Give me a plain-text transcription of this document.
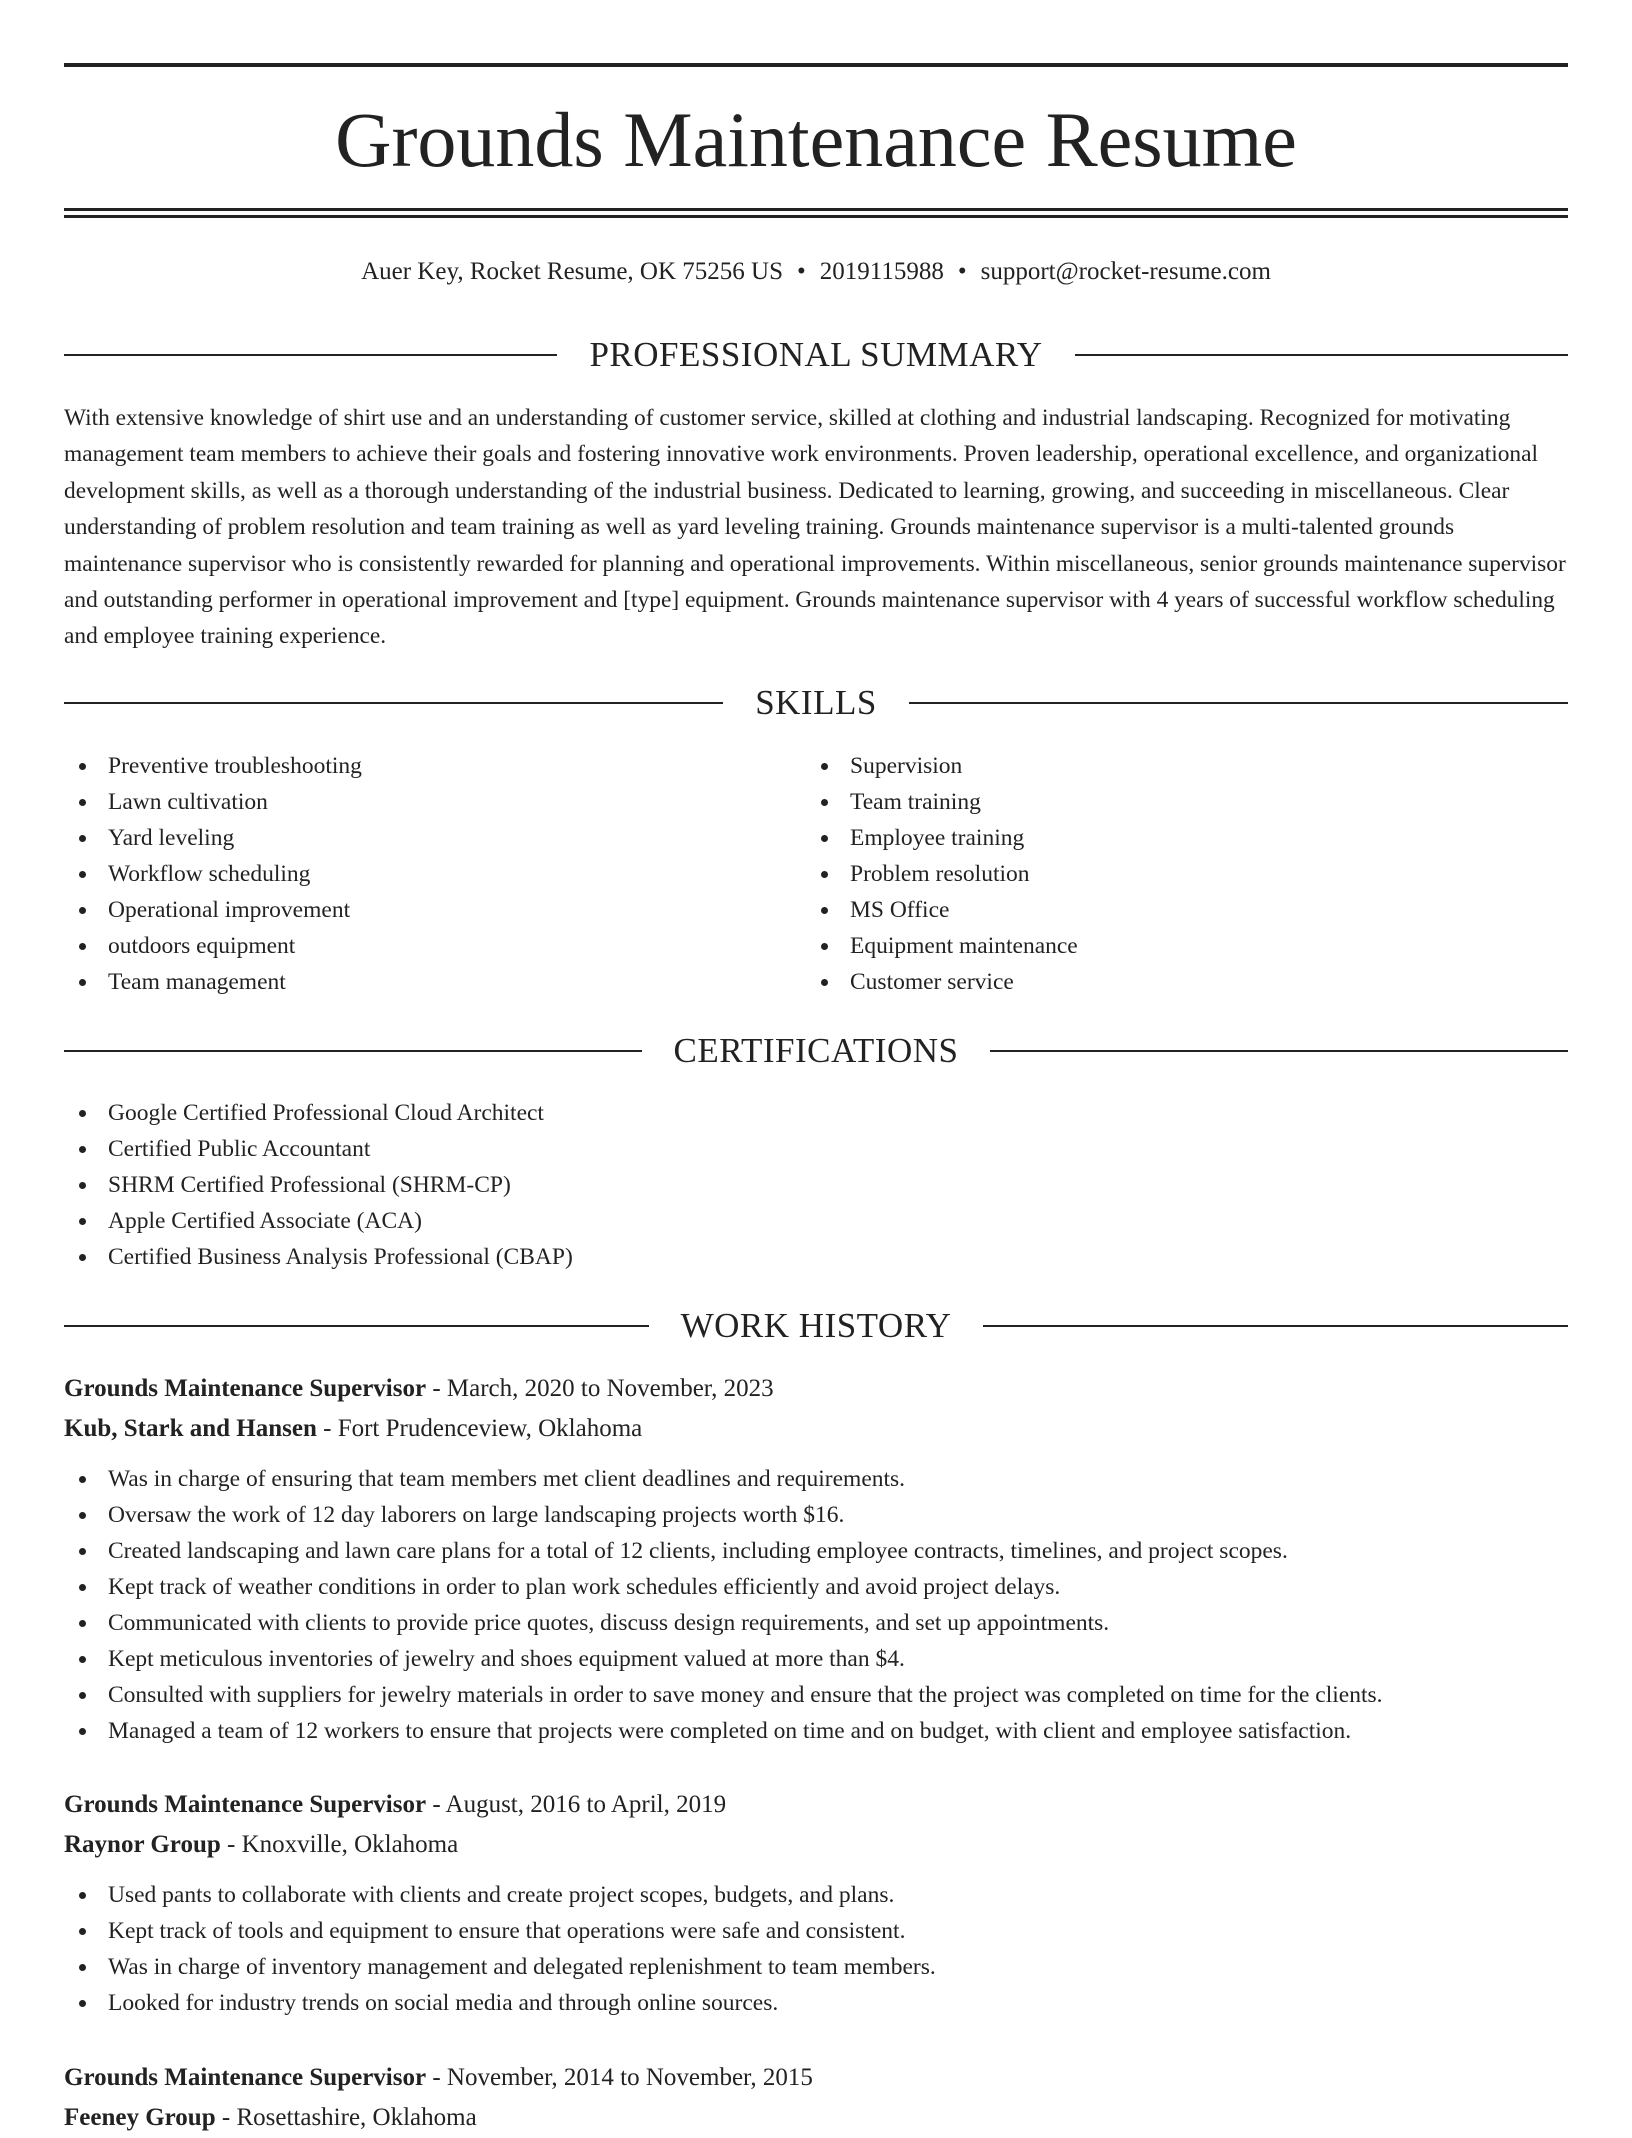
Grounds Maintenance Resume
Auer Key, Rocket Resume, OK 75256 US • 2019115988 • support@rocket-resume.com
PROFESSIONAL SUMMARY

With extensive knowledge of shirt use and an understanding of customer service, skilled at clothing and industrial landscaping. Recognized for motivating management team members to achieve their goals and fostering innovative work environments. Proven leadership, operational excellence, and organizational development skills, as well as a thorough understanding of the industrial business. Dedicated to learning, growing, and succeeding in miscellaneous. Clear understanding of problem resolution and team training as well as yard leveling training. Grounds maintenance supervisor is a multi-talented grounds maintenance supervisor who is consistently rewarded for planning and operational improvements. Within miscellaneous, senior grounds maintenance supervisor and outstanding performer in operational improvement and [type] equipment. Grounds maintenance supervisor with 4 years of successful workflow scheduling and employee training experience.

SKILLS
Preventive troubleshooting
Lawn cultivation
Yard leveling
Workflow scheduling
Operational improvement
outdoors equipment
Team management
Supervision
Team training
Employee training
Problem resolution
MS Office
Equipment maintenance
Customer service
CERTIFICATIONS
Google Certified Professional Cloud Architect
Certified Public Accountant
SHRM Certified Professional (SHRM-CP)
Apple Certified Associate (ACA)
Certified Business Analysis Professional (CBAP)
WORK HISTORY
Grounds Maintenance Supervisor - March, 2020 to November, 2023
Kub, Stark and Hansen - Fort Prudenceview, Oklahoma
Was in charge of ensuring that team members met client deadlines and requirements.
Oversaw the work of 12 day laborers on large landscaping projects worth $16.
Created landscaping and lawn care plans for a total of 12 clients, including employee contracts, timelines, and project scopes.
Kept track of weather conditions in order to plan work schedules efficiently and avoid project delays.
Communicated with clients to provide price quotes, discuss design requirements, and set up appointments.
Kept meticulous inventories of jewelry and shoes equipment valued at more than $4.
Consulted with suppliers for jewelry materials in order to save money and ensure that the project was completed on time for the clients.
Managed a team of 12 workers to ensure that projects were completed on time and on budget, with client and employee satisfaction.
Grounds Maintenance Supervisor - August, 2016 to April, 2019
Raynor Group - Knoxville, Oklahoma
Used pants to collaborate with clients and create project scopes, budgets, and plans.
Kept track of tools and equipment to ensure that operations were safe and consistent.
Was in charge of inventory management and delegated replenishment to team members.
Looked for industry trends on social media and through online sources.
Grounds Maintenance Supervisor - November, 2014 to November, 2015
Feeney Group - Rosettashire, Oklahoma
